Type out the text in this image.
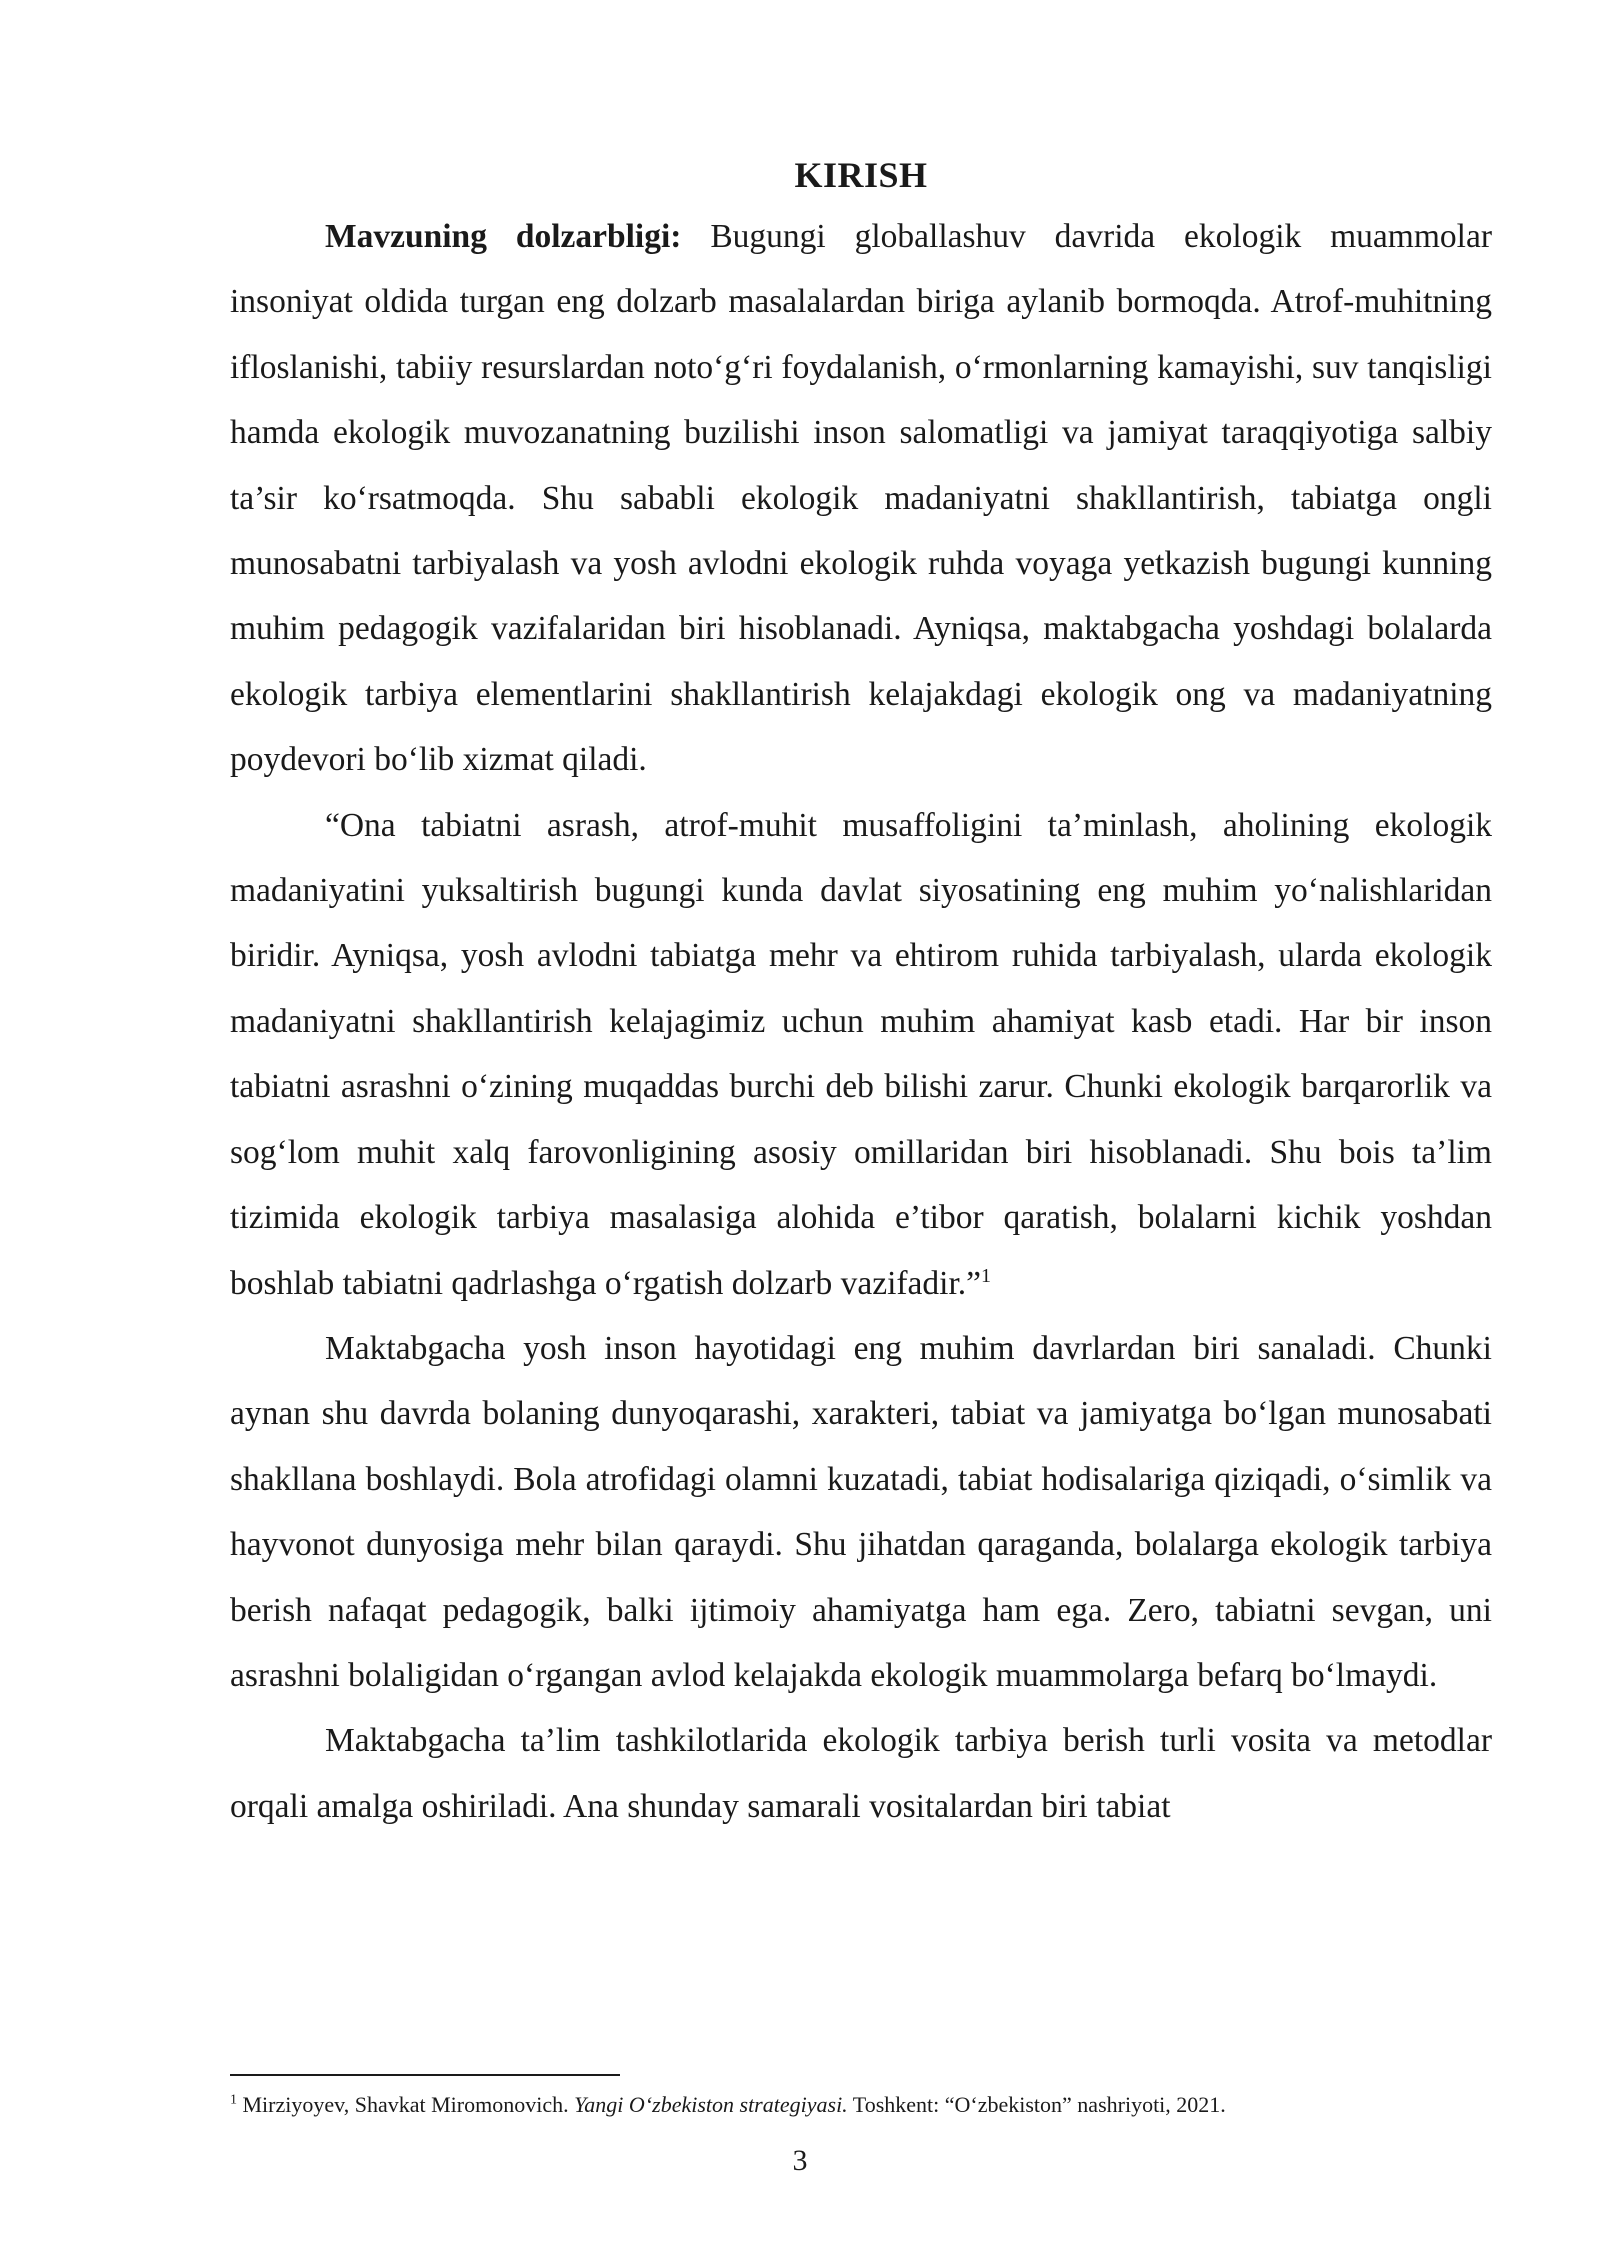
KIRISH

Mavzuning dolzarbligi: Bugungi globallashuv davrida ekologik muammolar insoniyat oldida turgan eng dolzarb masalalardan biriga aylanib bormoqda. Atrof-muhitning ifloslanishi, tabiiy resurslardan noto‘g‘ri foydalanish, o‘rmonlarning kamayishi, suv tanqisligi hamda ekologik muvozanatning buzilishi inson salomatligi va jamiyat taraqqiyotiga salbiy ta’sir ko‘rsatmoqda. Shu sababli ekologik madaniyatni shakllantirish, tabiatga ongli munosabatni tarbiyalash va yosh avlodni ekologik ruhda voyaga yetkazish bugungi kunning muhim pedagogik vazifalaridan biri hisoblanadi. Ayniqsa, maktabgacha yoshdagi bolalarda ekologik tarbiya elementlarini shakllantirish kelajakdagi ekologik ong va madaniyatning poydevori bo‘lib xizmat qiladi.

“Ona tabiatni asrash, atrof-muhit musaffoligini ta’minlash, aholining ekologik madaniyatini yuksaltirish bugungi kunda davlat siyosatining eng muhim yo‘nalishlaridan biridir. Ayniqsa, yosh avlodni tabiatga mehr va ehtirom ruhida tarbiyalash, ularda ekologik madaniyatni shakllantirish kelajagimiz uchun muhim ahamiyat kasb etadi. Har bir inson tabiatni asrashni o‘zining muqaddas burchi deb bilishi zarur. Chunki ekologik barqarorlik va sog‘lom muhit xalq farovonligining asosiy omillaridan biri hisoblanadi. Shu bois ta’lim tizimida ekologik tarbiya masalasiga alohida e’tibor qaratish, bolalarni kichik yoshdan boshlab tabiatni qadrlashga o‘rgatish dolzarb vazifadir.”$^1$

Maktabgacha yosh inson hayotidagi eng muhim davrlardan biri sanaladi. Chunki aynan shu davrda bolaning dunyoqarashi, xarakteri, tabiat va jamiyatga bo‘lgan munosabati shakllana boshlaydi. Bola atrofidagi olamni kuzatadi, tabiat hodisalariga qiziqadi, o‘simlik va hayvonot dunyosiga mehr bilan qaraydi. Shu jihatdan qaraganda, bolalarga ekologik tarbiya berish nafaqat pedagogik, balki ijtimoiy ahamiyatga ham ega. Zero, tabiatni sevgan, uni asrashni bolaligidan o‘rgangan avlod kelajakda ekologik muammolarga befarq bo‘lmaydi.

Maktabgacha ta’lim tashkilotlarida ekologik tarbiya berish turli vosita va metodlar orqali amalga oshiriladi. Ana shunday samarali vositalardan biri tabiat

$^1$ Mirziyoyev, Shavkat Miromonovich. Yangi O‘zbekiston strategiyasi. Toshkent: “O‘zbekiston” nashriyoti, 2021.
3
